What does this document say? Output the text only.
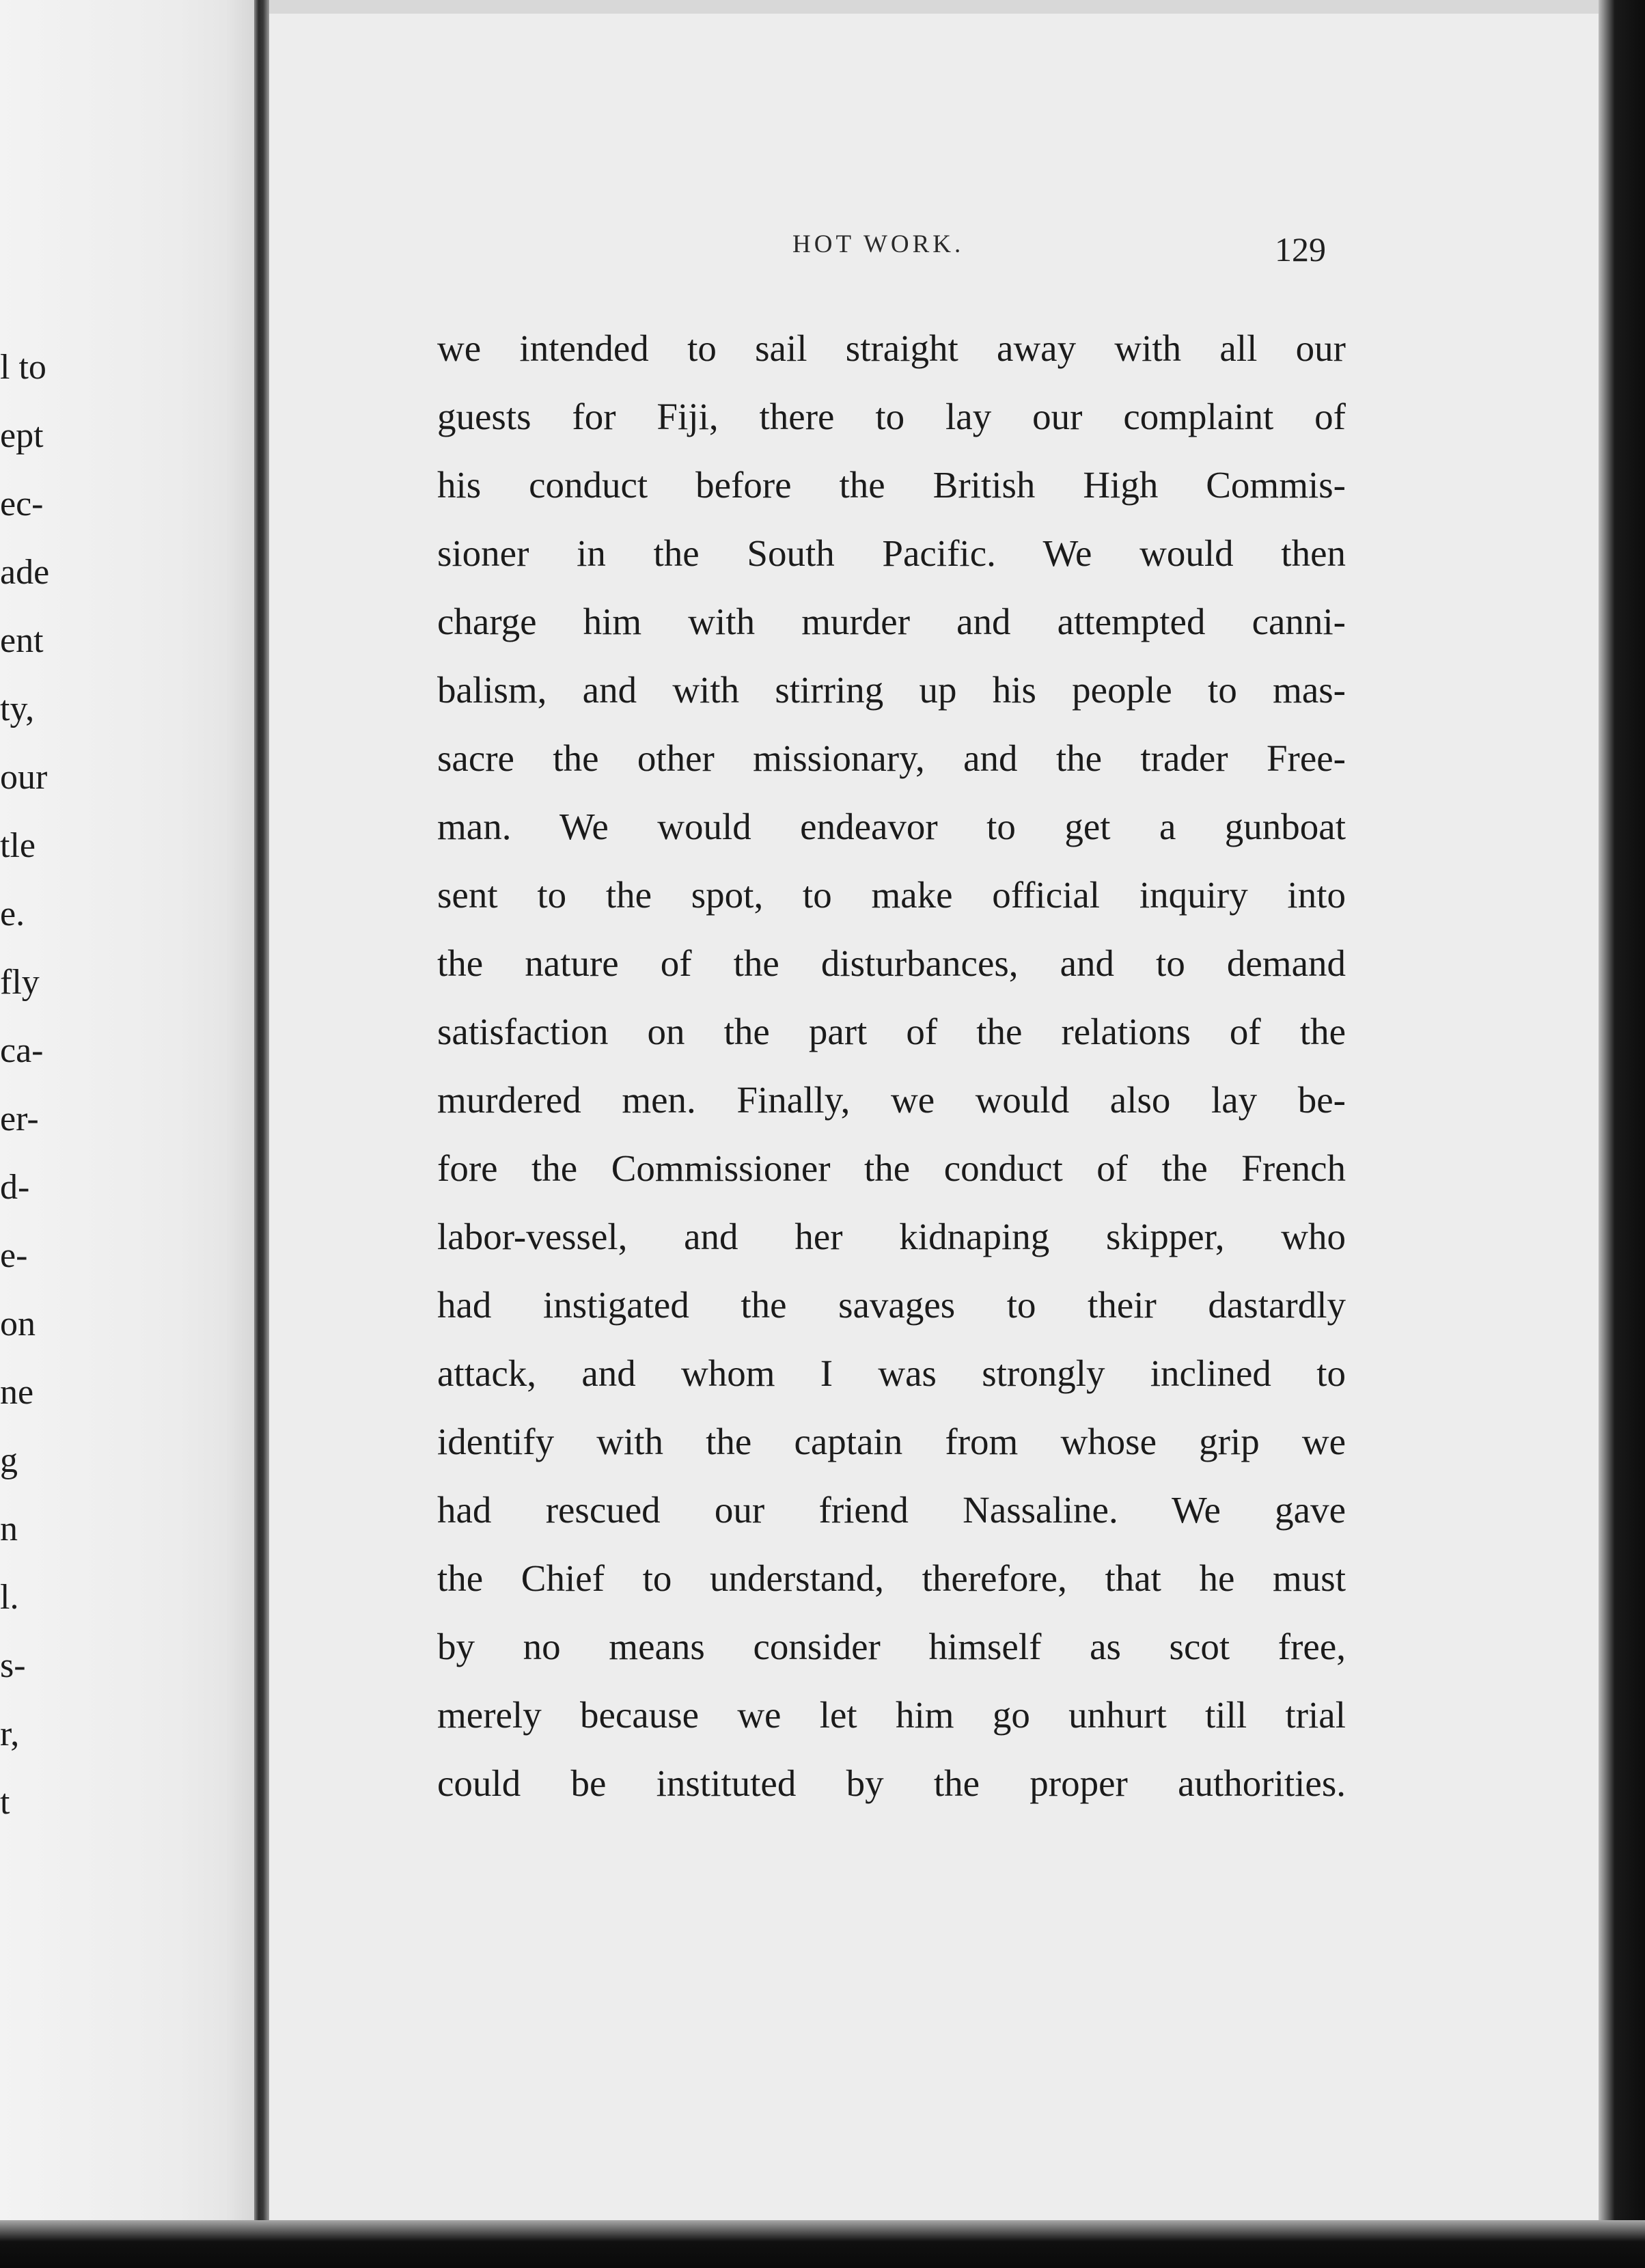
l to
ept
ec-
ade
ent
ty,
our
tle
e.
fly
ca-
er-
d-
e-
on
ne
g
n
l.
s-
r,
t
HOT WORK.	129
we intended to sail straight away with all our
guests for Fiji, there to lay our complaint of
his conduct before the British High Commis-
sioner in the South Pacific. We would then
charge him with murder and attempted canni-
balism, and with stirring up his people to mas-
sacre the other missionary, and the trader Free-
man. We would endeavor to get a gunboat
sent to the spot, to make official inquiry into
the nature of the disturbances, and to demand
satisfaction on the part of the relations of the
murdered men. Finally, we would also lay be-
fore the Commissioner the conduct of the French
labor-vessel, and her kidnaping skipper, who
had instigated the savages to their dastardly
attack, and whom I was strongly inclined to
identify with the captain from whose grip we
had rescued our friend Nassaline. We gave
the Chief to understand, therefore, that he must
by no means consider himself as scot free,
merely because we let him go unhurt till trial
could be instituted by the proper authorities.
